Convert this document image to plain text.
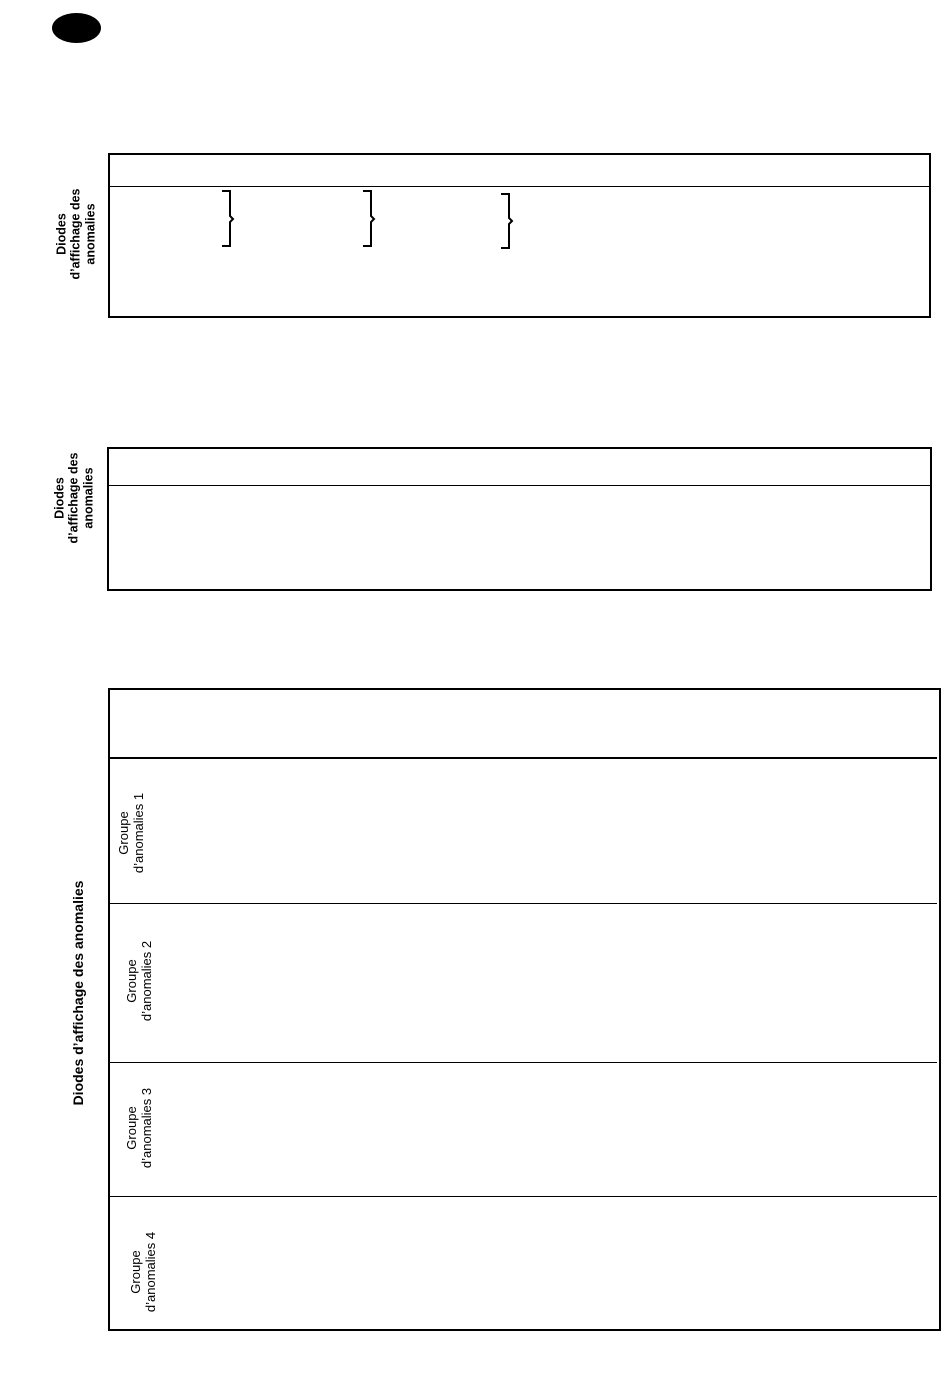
Diodes d’affichage des anomalies
Diodes d’affichage des anomalies
Diodes d’affichage des anomalies
Groupe d’anomalies 1
Groupe d’anomalies 2
Groupe d’anomalies 3
Groupe d’anomalies 4
